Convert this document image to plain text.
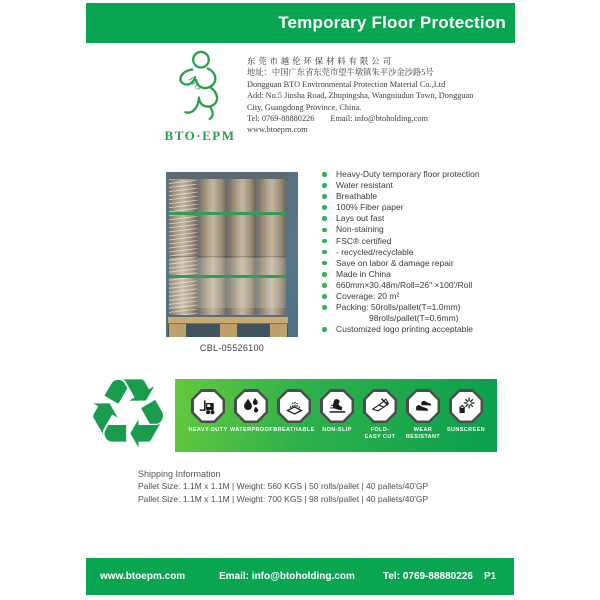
Temporary Floor Protection
BTO
BTO·EPM
东莞市越伦环保材料有限公司
地址：中国广东省东莞市望牛墩镇朱平沙金沙路5号
Dongguan BTO Environmental Protection Material Co.,Ltd
Add: No.5 Jinsha Road, Zhupingsha, Wangniudun Town, Dongguan
City, Guangdong Province, China.
Tel: 0769-88880226 Email: info@btoholding.com
www.btoepm.com
CBL-05526100
Heavy-Duty temporary floor protection
Water resistant
Breathable
100% Fiber paper
Lays out fast
Non-staining
FSC® certified
- recycled/recyclable
Save on labor & damage repair
Made in China
660mm×30.48m/Roll=26" ×100'/Roll
Coverage: 20 m²
Packing: 50rolls/pallet(T=1.0mm)
98rolls/pallet(T=0.6mm)
Customized logo printing acceptable
♻	HEAVY-DUTY WATERPROOF BREATHABLE	NON-SLIP	FOLD-
EASY CUT
WEAR
RESISTANT
SUNSCREEN
Shipping Information
Pallet Size: 1.1M x 1.1M | Weight: 560 KGS | 50 rolls/pallet | 40 pallets/40'GP
Pallet Size: 1.1M x 1.1M | Weight: 700 KGS | 98 rolls/pallet | 40 pallets/40'GP
www.btoepm.com	Email: info@btoholding.com	Tel: 0769-88880226 P1
